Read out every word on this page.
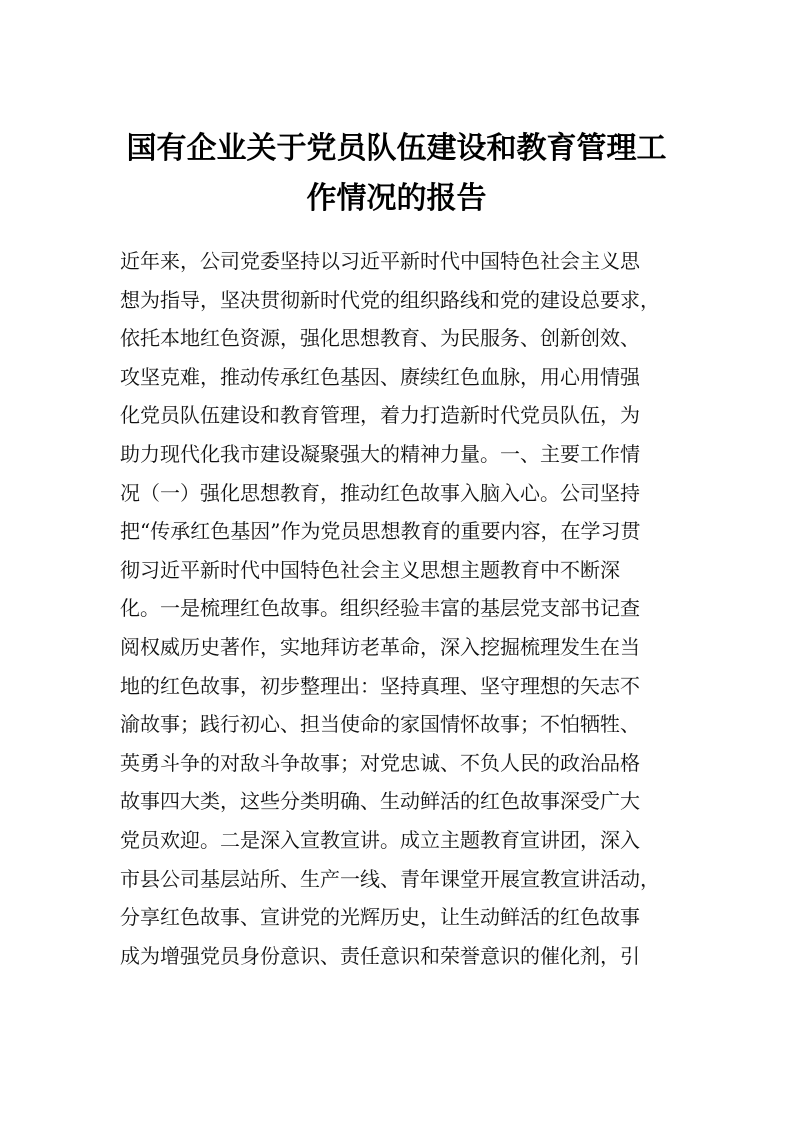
国有企业关于党员队伍建设和教育管理工
作情况的报告
近年来，公司党委坚持以习近平新时代中国特色社会主义思
想为指导，坚决贯彻新时代党的组织路线和党的建设总要求，
依托本地红色资源，强化思想教育、为民服务、创新创效、
攻坚克难，推动传承红色基因、赓续红色血脉，用心用情强
化党员队伍建设和教育管理，着力打造新时代党员队伍，为
助力现代化我市建设凝聚强大的精神力量。一、主要工作情
况（一）强化思想教育，推动红色故事入脑入心。公司坚持
把“传承红色基因”作为党员思想教育的重要内容，在学习贯
彻习近平新时代中国特色社会主义思想主题教育中不断深
化。一是梳理红色故事。组织经验丰富的基层党支部书记查
阅权威历史著作，实地拜访老革命，深入挖掘梳理发生在当
地的红色故事，初步整理出：坚持真理、坚守理想的矢志不
渝故事；践行初心、担当使命的家国情怀故事；不怕牺牲、
英勇斗争的对敌斗争故事；对党忠诚、不负人民的政治品格
故事四大类，这些分类明确、生动鲜活的红色故事深受广大
党员欢迎。二是深入宣教宣讲。成立主题教育宣讲团，深入
市县公司基层站所、生产一线、青年课堂开展宣教宣讲活动，
分享红色故事、宣讲党的光辉历史，让生动鲜活的红色故事
成为增强党员身份意识、责任意识和荣誉意识的催化剂，引
